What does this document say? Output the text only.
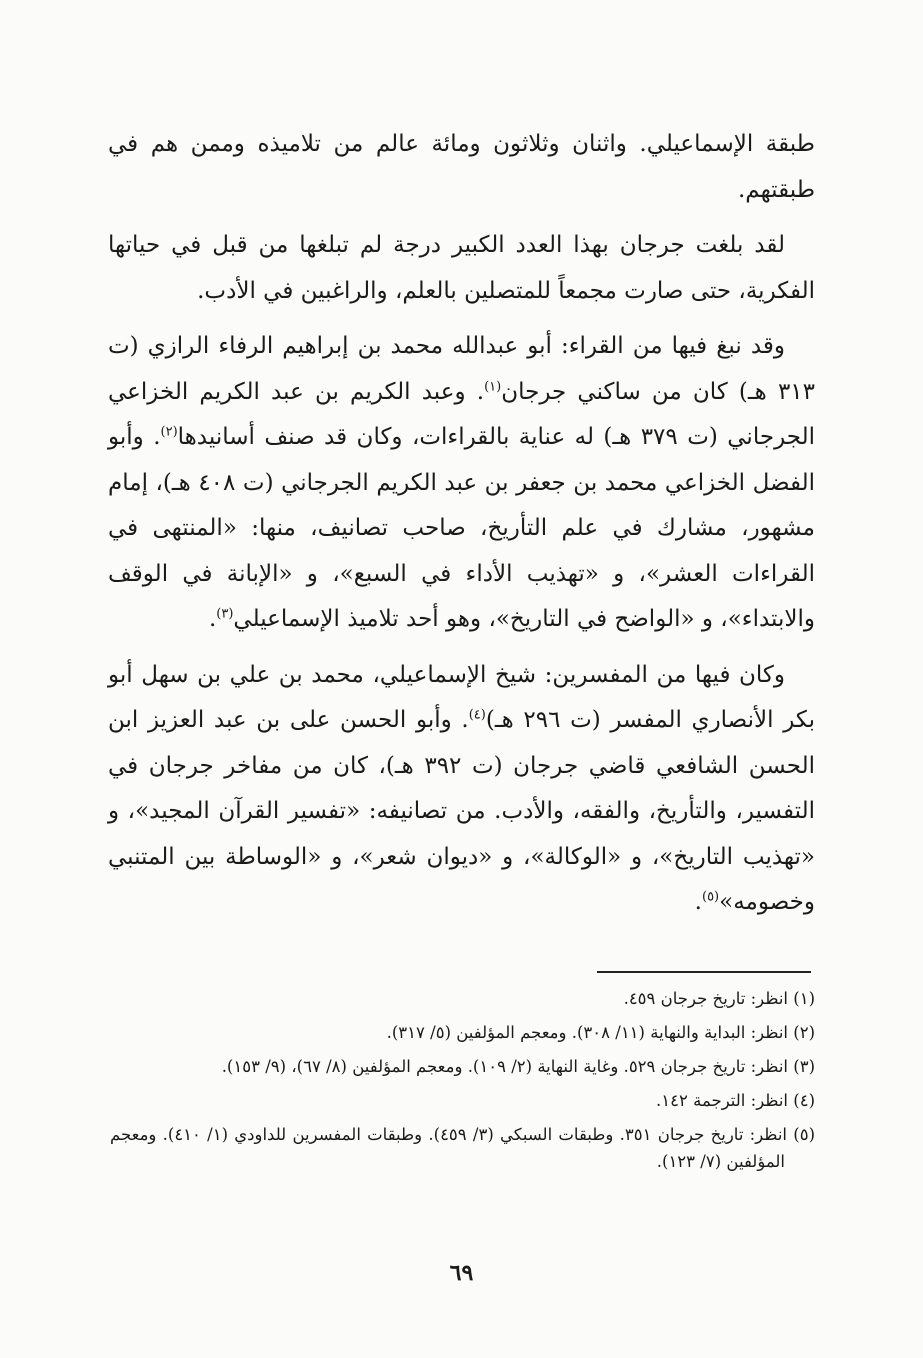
طبقة الإسماعيلي. واثنان وثلاثون ومائة عالم من تلاميذه وممن هم في طبقتهم.

لقد بلغت جرجان بهذا العدد الكبير درجة لم تبلغها من قبل في حياتها الفكرية، حتى صارت مجمعاً للمتصلين بالعلم، والراغبين في الأدب.

وقد نبغ فيها من القراء: أبو عبدالله محمد بن إبراهيم الرفاء الرازي (ت ٣١٣ هـ) كان من ساكني جرجان$^{(١)}$. وعبد الكريم بن عبد الكريم الخزاعي الجرجاني (ت ٣٧٩ هـ) له عناية بالقراءات، وكان قد صنف أسانيدها$^{(٢)}$. وأبو الفضل الخزاعي محمد بن جعفر بن عبد الكريم الجرجاني (ت ٤٠٨ هـ)، إمام مشهور، مشارك في علم التأريخ، صاحب تصانيف، منها: «المنتهى في القراءات العشر»، و «تهذيب الأداء في السبع»، و «الإبانة في الوقف والابتداء»، و «الواضح في التاريخ»، وهو أحد تلاميذ الإسماعيلي$^{(٣)}$.

وكان فيها من المفسرين: شيخ الإسماعيلي، محمد بن علي بن سهل أبو بكر الأنصاري المفسر (ت ٢٩٦ هـ)$^{(٤)}$. وأبو الحسن على بن عبد العزيز ابن الحسن الشافعي قاضي جرجان (ت ٣٩٢ هـ)، كان من مفاخر جرجان في التفسير، والتأريخ، والفقه، والأدب. من تصانيفه: «تفسير القرآن المجيد»، و «تهذيب التاريخ»، و «الوكالة»، و «ديوان شعر»، و «الوساطة بين المتنبي وخصومه»$^{(٥)}$.

(١) انظر: تاريخ جرجان ٤٥٩.

(٢) انظر: البداية والنهاية (١١/ ٣٠٨). ومعجم المؤلفين (٥/ ٣١٧).

(٣) انظر: تاريخ جرجان ٥٢٩. وغاية النهاية (٢/ ١٠٩). ومعجم المؤلفين (٨/ ٦٧)، (٩/ ١٥٣).

(٤) انظر: الترجمة ١٤٢.

(٥) انظر: تاريخ جرجان ٣٥١. وطبقات السبكي (٣/ ٤٥٩). وطبقات المفسرين للداودي (١/ ٤١٠). ومعجم المؤلفين (٧/ ١٢٣).

٦٩
